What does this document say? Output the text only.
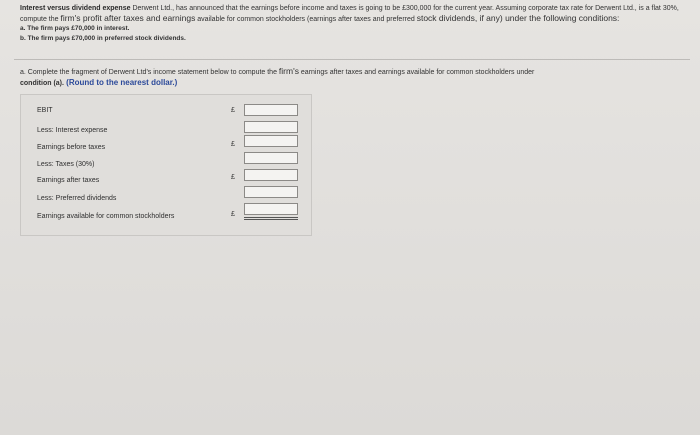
Interest versus dividend expense Derwent Ltd., has announced that the earnings before income and taxes is going to be £300,000 for the current year. Assuming corporate tax rate for Derwent Ltd., is a flat 30%, compute the firm's profit after taxes and earnings available for common stockholders (earnings after taxes and preferred stock dividends, if any) under the following conditions:
a. The firm pays £70,000 in interest.
b. The firm pays £70,000 in preferred stock dividends.
a. Complete the fragment of Derwent Ltd's income statement below to compute the firm's earnings after taxes and earnings available for common stockholders under
condition (a). (Round to the nearest dollar.)
EBIT	£
Less: Interest expense
Earnings before taxes	£
Less: Taxes (30%)
Earnings after taxes	£
Less: Preferred dividends
Earnings available for common stockholders	£
